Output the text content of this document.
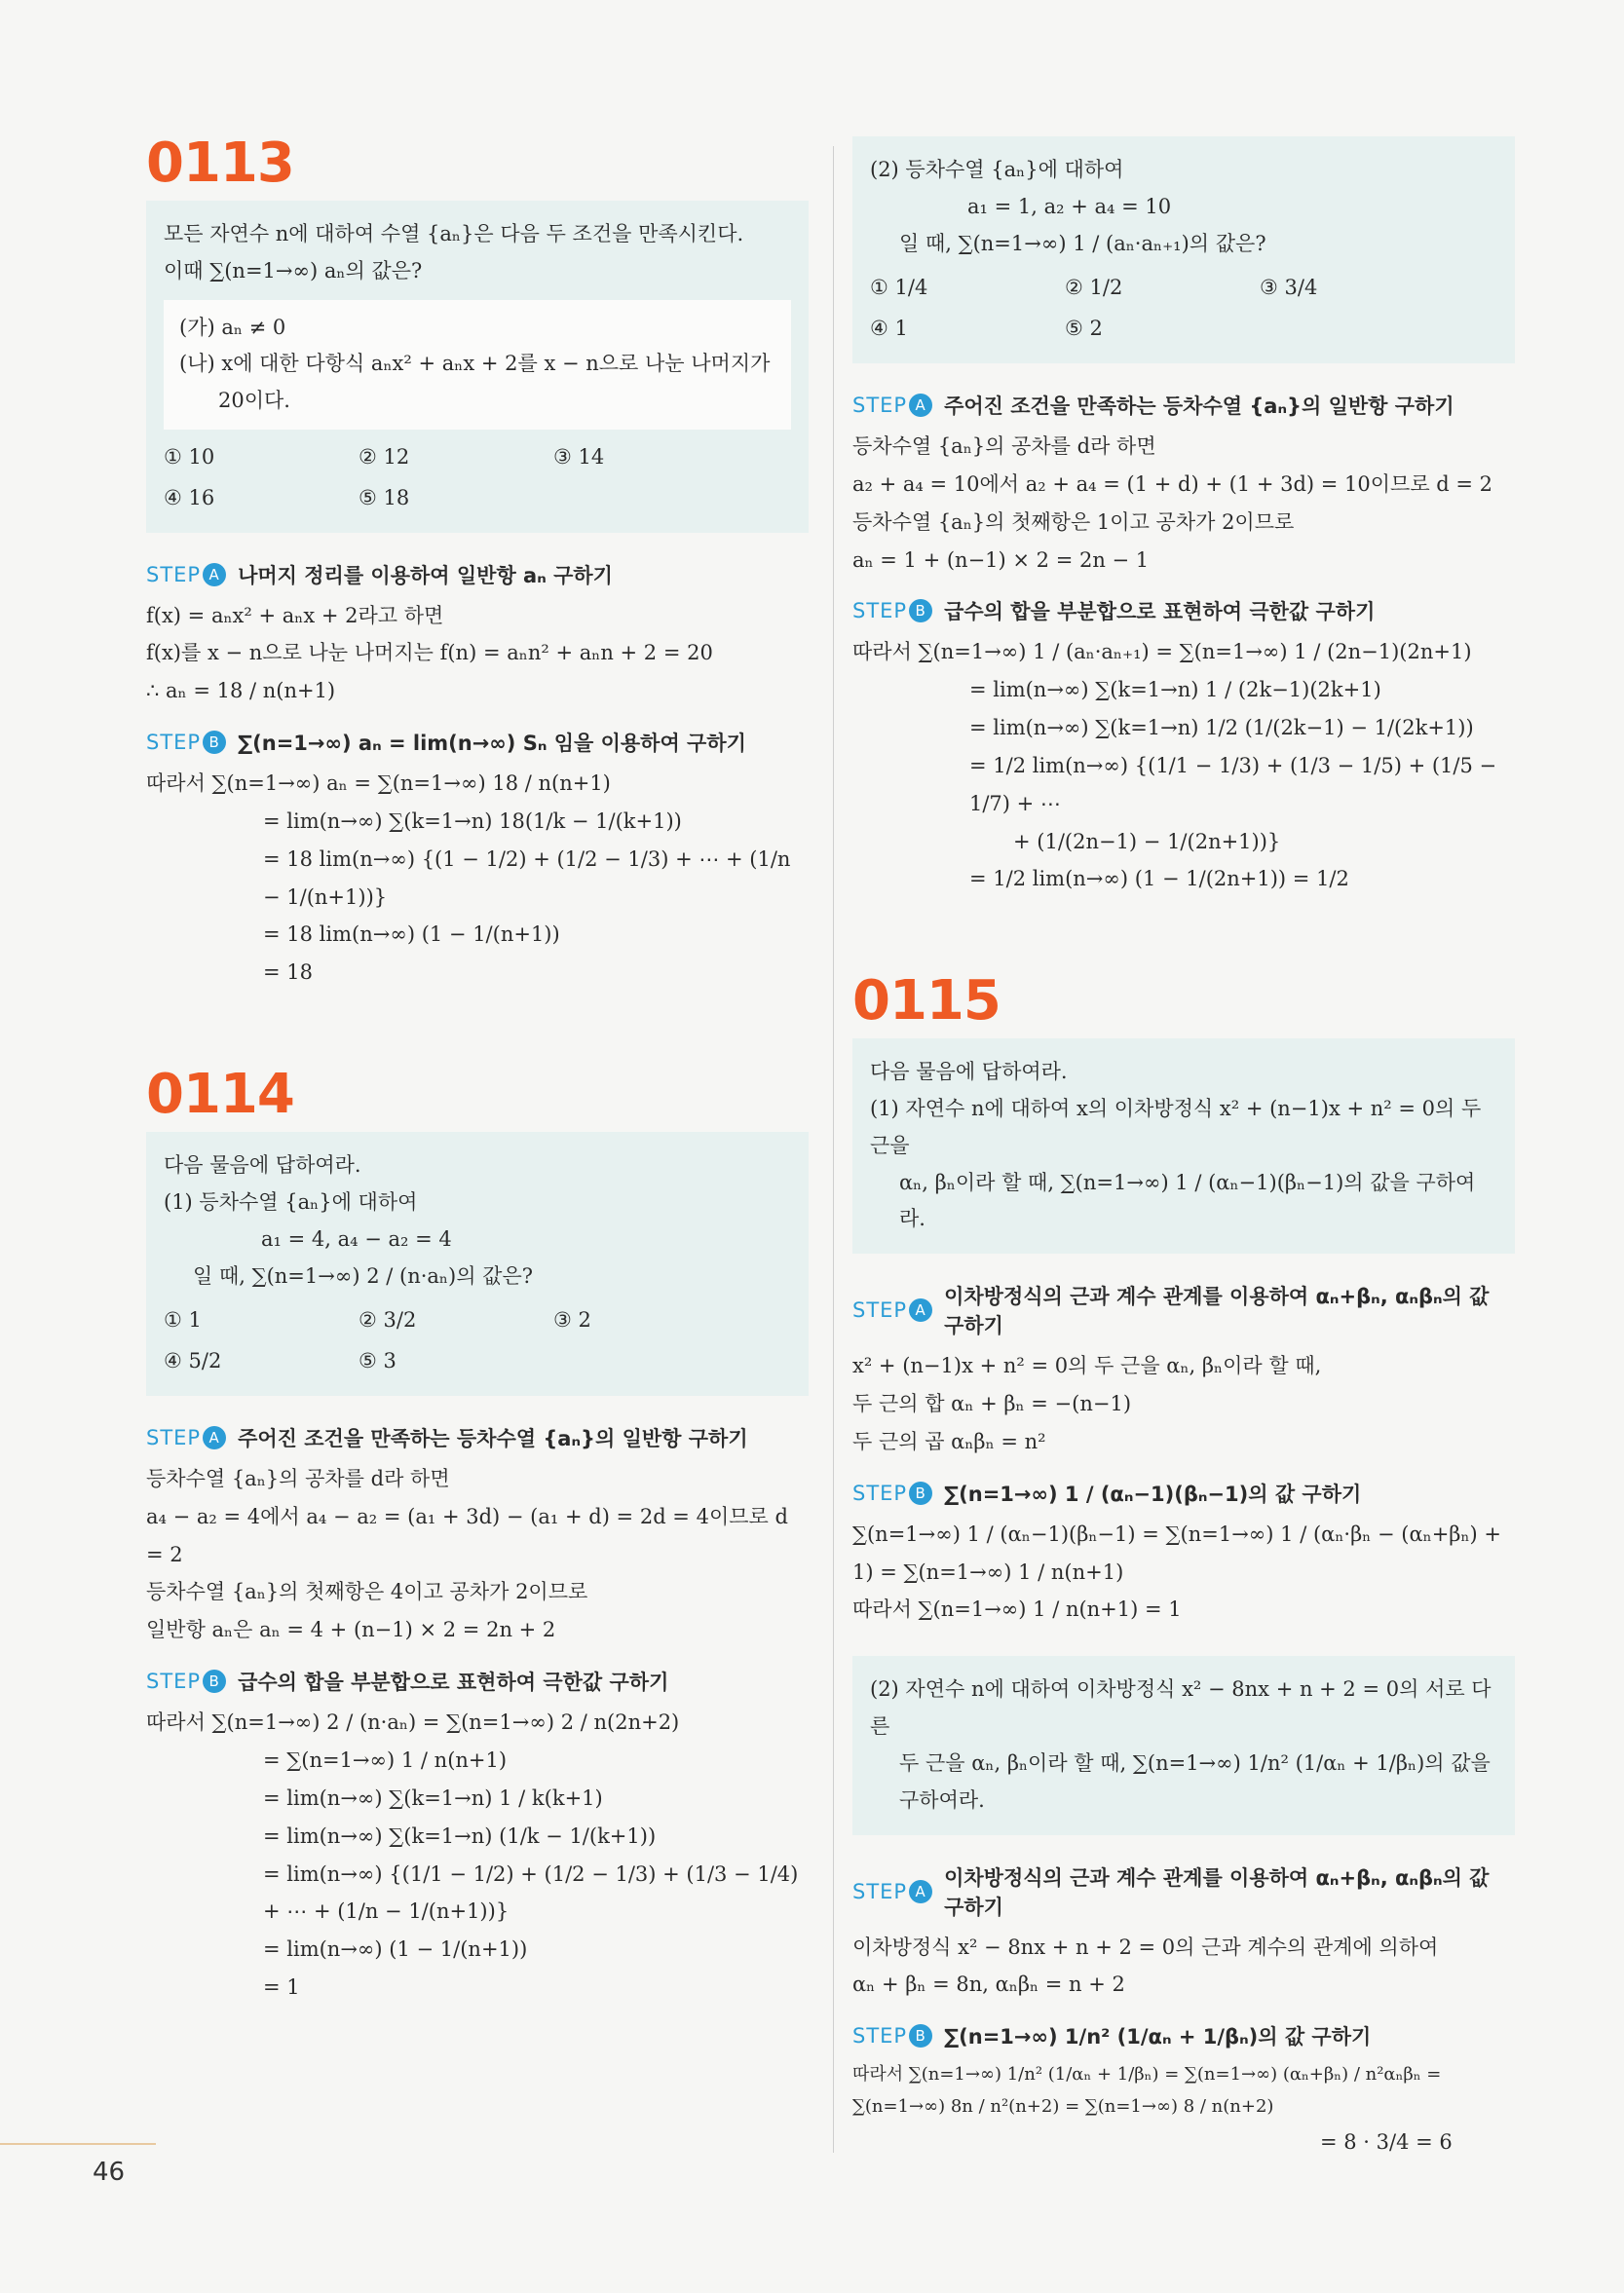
0113
모든 자연수 n에 대하여 수열 {aₙ}은 다음 두 조건을 만족시킨다.
이때 ∑(n=1→∞) aₙ의 값은?
(가) aₙ ≠ 0
(나) x에 대한 다항식 aₙx² + aₙx + 2를 x − n으로 나눈 나머지가
20이다.
① 10	② 12	③ 14
④ 16	⑤ 18
STEP A 나머지 정리를 이용하여 일반항 aₙ 구하기
f(x) = aₙx² + aₙx + 2라고 하면
f(x)를 x − n으로 나눈 나머지는 f(n) = aₙn² + aₙn + 2 = 20
∴ aₙ = 18 / n(n+1)
STEP B ∑(n=1→∞) aₙ = lim(n→∞) Sₙ 임을 이용하여 구하기
따라서 ∑(n=1→∞) aₙ = ∑(n=1→∞) 18 / n(n+1)
= lim(n→∞) ∑(k=1→n) 18(1/k − 1/(k+1))
= 18 lim(n→∞) {(1 − 1/2) + (1/2 − 1/3) + ⋯ + (1/n − 1/(n+1))}
= 18 lim(n→∞) (1 − 1/(n+1))
= 18
0114
다음 물음에 답하여라.
(1) 등차수열 {aₙ}에 대하여
a₁ = 4, a₄ − a₂ = 4
일 때, ∑(n=1→∞) 2 / (n·aₙ)의 값은?
① 1	② 3/2	③ 2
④ 5/2	⑤ 3
STEP A 주어진 조건을 만족하는 등차수열 {aₙ}의 일반항 구하기
등차수열 {aₙ}의 공차를 d라 하면
a₄ − a₂ = 4에서 a₄ − a₂ = (a₁ + 3d) − (a₁ + d) = 2d = 4이므로 d = 2
등차수열 {aₙ}의 첫째항은 4이고 공차가 2이므로
일반항 aₙ은 aₙ = 4 + (n−1) × 2 = 2n + 2
STEP B 급수의 합을 부분합으로 표현하여 극한값 구하기
따라서 ∑(n=1→∞) 2 / (n·aₙ) = ∑(n=1→∞) 2 / n(2n+2)
= ∑(n=1→∞) 1 / n(n+1)
= lim(n→∞) ∑(k=1→n) 1 / k(k+1)
= lim(n→∞) ∑(k=1→n) (1/k − 1/(k+1))
= lim(n→∞) {(1/1 − 1/2) + (1/2 − 1/3) + (1/3 − 1/4) + ⋯ + (1/n − 1/(n+1))}
= lim(n→∞) (1 − 1/(n+1))
= 1
(2) 등차수열 {aₙ}에 대하여
a₁ = 1, a₂ + a₄ = 10
일 때, ∑(n=1→∞) 1 / (aₙ·aₙ₊₁)의 값은?
① 1/4	② 1/2	③ 3/4
④ 1	⑤ 2
STEP A 주어진 조건을 만족하는 등차수열 {aₙ}의 일반항 구하기
등차수열 {aₙ}의 공차를 d라 하면
a₂ + a₄ = 10에서 a₂ + a₄ = (1 + d) + (1 + 3d) = 10이므로 d = 2
등차수열 {aₙ}의 첫째항은 1이고 공차가 2이므로
aₙ = 1 + (n−1) × 2 = 2n − 1
STEP B 급수의 합을 부분합으로 표현하여 극한값 구하기
따라서 ∑(n=1→∞) 1 / (aₙ·aₙ₊₁) = ∑(n=1→∞) 1 / (2n−1)(2n+1)
= lim(n→∞) ∑(k=1→n) 1 / (2k−1)(2k+1)
= lim(n→∞) ∑(k=1→n) 1/2 (1/(2k−1) − 1/(2k+1))
= 1/2 lim(n→∞) {(1/1 − 1/3) + (1/3 − 1/5) + (1/5 − 1/7) + ⋯
+ (1/(2n−1) − 1/(2n+1))}
= 1/2 lim(n→∞) (1 − 1/(2n+1)) = 1/2
0115
다음 물음에 답하여라.
(1) 자연수 n에 대하여 x의 이차방정식 x² + (n−1)x + n² = 0의 두 근을
αₙ, βₙ이라 할 때, ∑(n=1→∞) 1 / (αₙ−1)(βₙ−1)의 값을 구하여라.
STEP A
이차방정식의 근과 계수 관계를 이용하여 αₙ+βₙ, αₙβₙ의 값 구하기
x² + (n−1)x + n² = 0의 두 근을 αₙ, βₙ이라 할 때,
두 근의 합 αₙ + βₙ = −(n−1)
두 근의 곱 αₙβₙ = n²
STEP B ∑(n=1→∞) 1 / (αₙ−1)(βₙ−1)의 값 구하기
∑(n=1→∞) 1 / (αₙ−1)(βₙ−1) = ∑(n=1→∞) 1 / (αₙ·βₙ − (αₙ+βₙ) + 1) = ∑(n=1→∞) 1 / n(n+1)
따라서 ∑(n=1→∞) 1 / n(n+1) = 1
(2) 자연수 n에 대하여 이차방정식 x² − 8nx + n + 2 = 0의 서로 다른
두 근을 αₙ, βₙ이라 할 때, ∑(n=1→∞) 1/n² (1/αₙ + 1/βₙ)의 값을 구하여라.
STEP A
이차방정식의 근과 계수 관계를 이용하여 αₙ+βₙ, αₙβₙ의 값 구하기
이차방정식 x² − 8nx + n + 2 = 0의 근과 계수의 관계에 의하여
αₙ + βₙ = 8n, αₙβₙ = n + 2
STEP B ∑(n=1→∞) 1/n² (1/αₙ + 1/βₙ)의 값 구하기
따라서 ∑(n=1→∞) 1/n² (1/αₙ + 1/βₙ) = ∑(n=1→∞) (αₙ+βₙ) / n²αₙβₙ = ∑(n=1→∞) 8n / n²(n+2) = ∑(n=1→∞) 8 / n(n+2)
= 8 · 3/4 = 6
46
